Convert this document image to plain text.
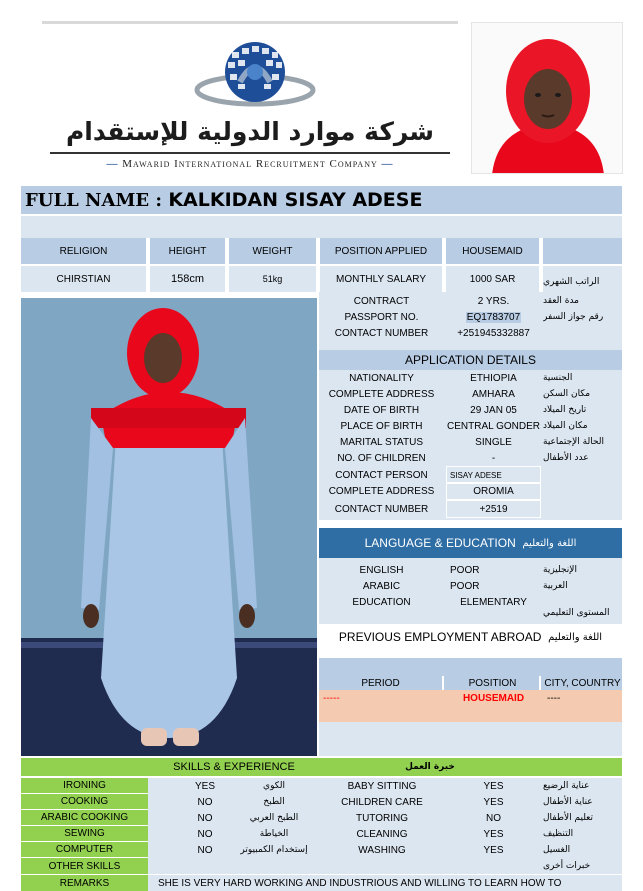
شركة موارد الدولية للإستقدام
— Mawarid International Recruitment Company —
FULL NAME :
KALKIDAN SISAY ADESE
RELIGION	HEIGHT	WEIGHT	POSITION APPLIED	HOUSEMAID
CHIRSTIAN	158cm	51kg	MONTHLY SALARY	1000 SAR	الراتب الشهري
CONTRACT	2 YRS.	مدة العقد
PASSPORT NO.	EQ1783707	رقم جواز السفر
CONTACT NUMBER	+251945332887
APPLICATION DETAILS
NATIONALITY	ETHIOPIA	الجنسية
COMPLETE ADDRESS	AMHARA	مكان السكن
DATE OF BIRTH	29 JAN 05	تاريخ الميلاد
PLACE OF BIRTH	CENTRAL GONDER مكان الميلاد
MARITAL STATUS	SINGLE	الحالة الإجتماعية
NO. OF CHILDREN	-	عدد الأطفال
CONTACT PERSON	SISAY ADESE
COMPLETE ADDRESS	OROMIA
CONTACT NUMBER	+2519
LANGUAGE & EDUCATION
اللغة والتعليم
ENGLISH	POOR	الإنجليزية
ARABIC	POOR	العربية
EDUCATION	ELEMENTARY
المستوى التعليمي
PREVIOUS EMPLOYMENT ABROAD
اللغة والتعليم
PERIOD	POSITION	CITY, COUNTRY
-----	HOUSEMAID	----
SKILLS & EXPERIENCE	خبرة العمل
IRONING	YES	الكوي	BABY SITTING	YES	عناية الرضيع
COOKING	NO	الطبخ	CHILDREN CARE	YES	عناية الأطفال
ARABIC COOKING	NO	الطبخ العربي	TUTORING	NO	تعليم الأطفال
SEWING	NO	الخياطة	CLEANING	YES	التنظيف
COMPUTER	NO	إستخدام الكمبيوتر	WASHING	YES	الغسيل
OTHER SKILLS	خبرات أخرى
REMARKS	SHE IS VERY HARD WORKING AND INDUSTRIOUS AND WILLING TO LEARN HOW TO
